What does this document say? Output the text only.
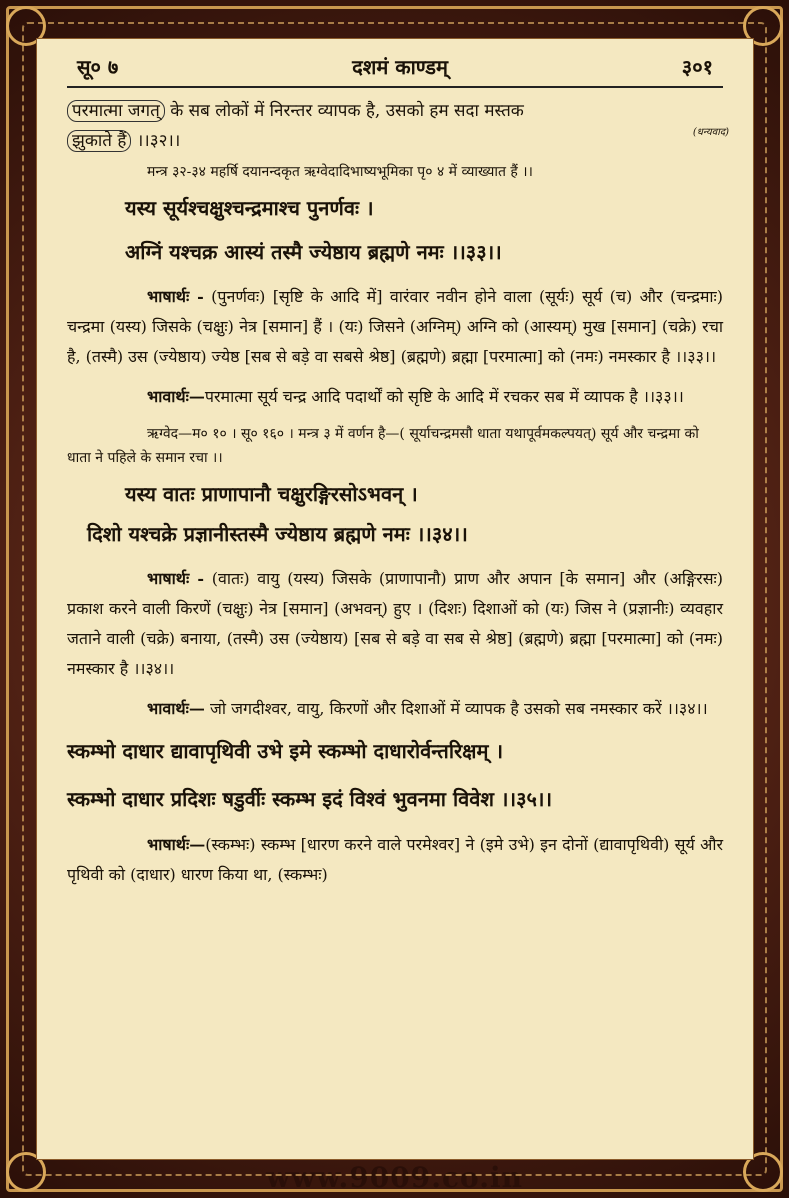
सू० ७	दशमं काण्डम्	३०१
परमात्मा जगत् के सब लोकों में निरन्तर व्यापक है, उसको हम सदा मस्तक
झुकाते हैं ।।३२।।	(धन्यवाद)

मन्त्र ३२-३४ महर्षि दयानन्दकृत ऋग्वेदादिभाष्यभूमिका पृ० ४ में व्याख्यात हैं ।।

यस्य सूर्यश्चक्षुश्चन्द्रमाश्च पुनर्णवः ।

अग्निं यश्चक्र आस्यं तस्मै ज्येष्ठाय ब्रह्मणे नमः ।।३३।।

भाषार्थः - (पुनर्णवः) [सृष्टि के आदि में] वारंवार नवीन होने वाला (सूर्यः) सूर्य (च) और (चन्द्रमाः) चन्द्रमा (यस्य) जिसके (चक्षुः) नेत्र [समान] हैं । (यः) जिसने (अग्निम्) अग्नि को (आस्यम्) मुख [समान] (चक्रे) रचा है, (तस्मै) उस (ज्येष्ठाय) ज्येष्ठ [सब से बड़े वा सबसे श्रेष्ठ] (ब्रह्मणे) ब्रह्मा [परमात्मा] को (नमः) नमस्कार है ।।३३।।

भावार्थः—परमात्मा सूर्य चन्द्र आदि पदार्थों को सृष्टि के आदि में रचकर सब में व्यापक है ।।३३।।

ऋग्वेद—म० १० । सू० १६० । मन्त्र ३ में वर्णन है—( सूर्याचन्द्रमसौ धाता यथापूर्वमकल्पयत्) सूर्य और चन्द्रमा को धाता ने पहिले के समान रचा ।।

यस्य वातः प्राणापानौ चक्षुरङ्गिरसोऽभवन् ।

दिशो यश्चक्रे प्रज्ञानीस्तस्मै ज्येष्ठाय ब्रह्मणे नमः ।।३४।।

भाषार्थः - (वातः) वायु (यस्य) जिसके (प्राणापानौ) प्राण और अपान [के समान] और (अङ्गिरसः) प्रकाश करने वाली किरणें (चक्षुः) नेत्र [समान] (अभवन्) हुए । (दिशः) दिशाओं को (यः) जिस ने (प्रज्ञानीः) व्यवहार जताने वाली (चक्रे) बनाया, (तस्मै) उस (ज्येष्ठाय) [सब से बड़े वा सब से श्रेष्ठ] (ब्रह्मणे) ब्रह्मा [परमात्मा] को (नमः) नमस्कार है ।।३४।।

भावार्थः— जो जगदीश्वर, वायु, किरणों और दिशाओं में व्यापक है उसको सब नमस्कार करें ।।३४।।

स्कम्भो दाधार द्यावापृथिवी उभे इमे स्कम्भो दाधारोर्वन्तरिक्षम् ।

स्कम्भो दाधार प्रदिशः षडुर्वीः स्कम्भ इदं विश्वं भुवनमा विवेश ।।३५।।

भाषार्थः—(स्कम्भः) स्कम्भ [धारण करने वाले परमेश्वर] ने (इमे उभे) इन दोनों (द्यावापृथिवी) सूर्य और पृथिवी को (दाधार) धारण किया था, (स्कम्भः)

www.9009.co.in
